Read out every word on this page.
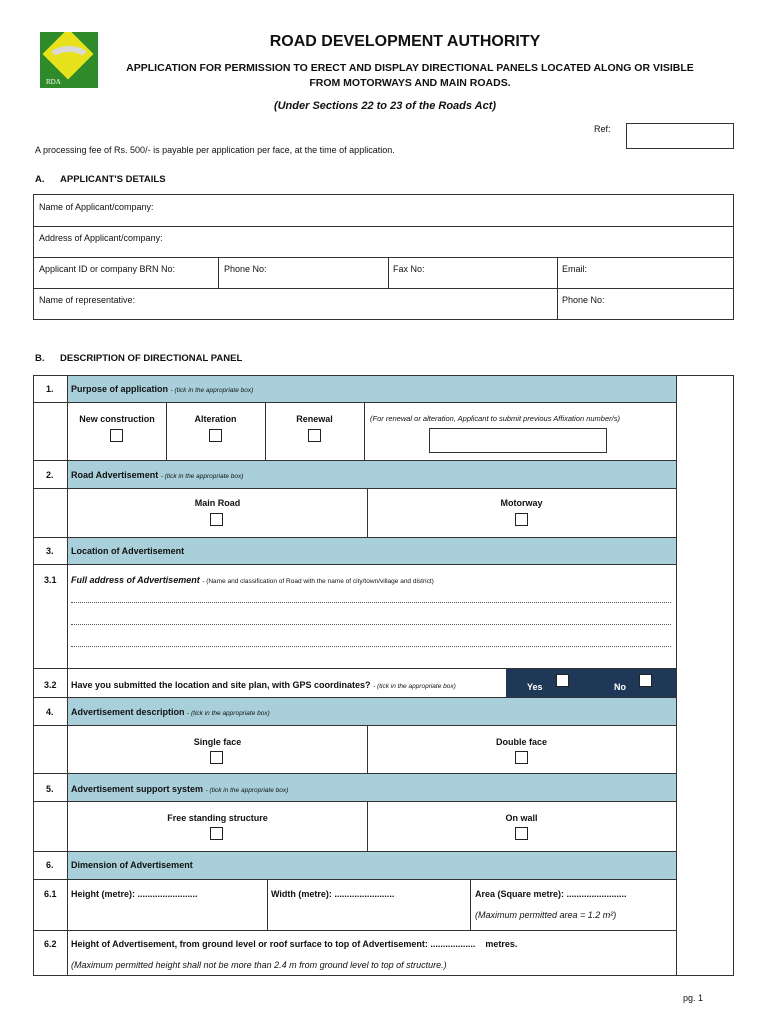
RDA
ROAD DEVELOPMENT AUTHORITY
APPLICATION FOR PERMISSION TO ERECT AND DISPLAY DIRECTIONAL PANELS LOCATED ALONG OR VISIBLE
FROM MOTORWAYS AND MAIN ROADS.
(Under Sections 22 to 23 of the Roads Act)
Ref:
A processing fee of Rs. 500/- is payable per application per face, at the time of application.
A. APPLICANT'S DETAILS
Name of Applicant/company:
Address of Applicant/company:
Applicant ID or company BRN No:	Phone No:	Fax No:	Email:
Name of representative:	Phone No:
B. DESCRIPTION OF DIRECTIONAL PANEL
1. Purpose of application - (tick in the appropriate box)
New construction	Alteration	Renewal	(For renewal or alteration, Applicant to submit previous Affixation number/s)
2. Road Advertisement - (tick in the appropriate box)
Main Road	Motorway
3. Location of Advertisement
3.1 Full address of Advertisement - (Name and classification of Road with the name of city/town/village and district)
3.2 Have you submitted the location and site plan, with GPS coordinates? - (tick in the appropriate box)	Yes	No
4. Advertisement description - (tick in the appropriate box)
Single face	Double face
5. Advertisement support system - (tick in the appropriate box)
Free standing structure	On wall
6. Dimension of Advertisement
6.1 Height (metre): ........................	Width (metre): ........................	Area (Square metre): ........................
(Maximum permitted area = 1.2 m²)
6.2 Height of Advertisement, from ground level or roof surface to top of Advertisement: ..................    metres.
(Maximum permitted height shall not be more than 2.4 m from ground level to top of structure.)
pg. 1
